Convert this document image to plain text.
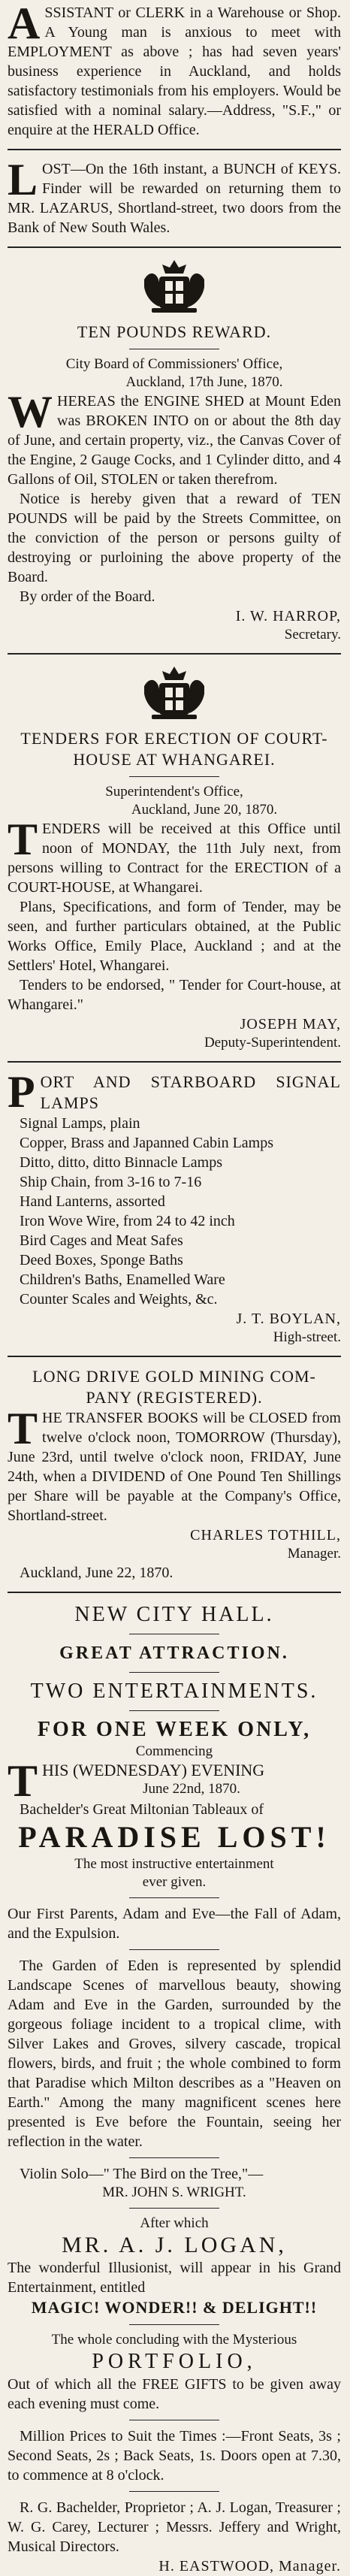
ASSISTANT or CLERK in a Warehouse or Shop. A Young man is anxious to meet with EMPLOYMENT as above ; has had seven years' business experience in Auckland, and holds satisfactory testimonials from his employers. Would be satisfied with a nominal salary.—Address, "S.F.," or enquire at the HERALD Office.

LOST—On the 16th instant, a BUNCH of KEYS. Finder will be rewarded on returning them to MR. LAZARUS, Shortland-street, two doors from the Bank of New South Wales.

TEN POUNDS REWARD.

City Board of Commissioners' Office,

Auckland, 17th June, 1870.

WHEREAS the ENGINE SHED at Mount Eden was BROKEN INTO on or about the 8th day of June, and certain property, viz., the Canvas Cover of the Engine, 2 Gauge Cocks, and 1 Cylinder ditto, and 4 Gallons of Oil, STOLEN or taken therefrom.

Notice is hereby given that a reward of TEN POUNDS will be paid by the Streets Committee, on the conviction of the person or persons guilty of destroying or purloining the above property of the Board.

By order of the Board.

I. W. HARROP,

Secretary.

TENDERS FOR ERECTION OF COURT-

HOUSE AT WHANGAREI.

Superintendent's Office,

Auckland, June 20, 1870.

TENDERS will be received at this Office until noon of MONDAY, the 11th July next, from persons willing to Contract for the ERECTION of a COURT-HOUSE, at Whangarei.

Plans, Specifications, and form of Tender, may be seen, and further particulars obtained, at the Public Works Office, Emily Place, Auckland ; and at the Settlers' Hotel, Whangarei.

Tenders to be endorsed, " Tender for Court-house, at Whangarei."

JOSEPH MAY,

Deputy-Superintendent.

PORT AND STARBOARD SIGNAL LAMPS

Signal Lamps, plain

Copper, Brass and Japanned Cabin Lamps

Ditto, ditto, ditto Binnacle Lamps

Ship Chain, from 3-16 to 7-16

Hand Lanterns, assorted

Iron Wove Wire, from 24 to 42 inch

Bird Cages and Meat Safes

Deed Boxes, Sponge Baths

Children's Baths, Enamelled Ware

Counter Scales and Weights, &c.

J. T. BOYLAN,

High-street.

LONG DRIVE GOLD MINING COM-

PANY (REGISTERED).

THE TRANSFER BOOKS will be CLOSED from twelve o'clock noon, TOMORROW (Thursday), June 23rd, until twelve o'clock noon, FRIDAY, June 24th, when a DIVIDEND of One Pound Ten Shillings per Share will be payable at the Company's Office, Shortland-street.

CHARLES TOTHILL,

Manager.

Auckland, June 22, 1870.

NEW CITY HALL.

GREAT ATTRACTION.

TWO ENTERTAINMENTS.

FOR ONE WEEK ONLY,

Commencing

THIS (WEDNESDAY) EVENING

June 22nd, 1870.

Bachelder's Great Miltonian Tableaux of

PARADISE LOST!

The most instructive entertainment

ever given.

Our First Parents, Adam and Eve—the Fall of Adam, and the Expulsion.

The Garden of Eden is represented by splendid Landscape Scenes of marvellous beauty, showing Adam and Eve in the Garden, surrounded by the gorgeous foliage incident to a tropical clime, with Silver Lakes and Groves, silvery cascade, tropical flowers, birds, and fruit ; the whole combined to form that Paradise which Milton describes as a "Heaven on Earth." Among the many magnificent scenes here presented is Eve before the Fountain, seeing her reflection in the water.

Violin Solo—" The Bird on the Tree,"—

MR. JOHN S. WRIGHT.

After which

MR. A. J. LOGAN,

The wonderful Illusionist, will appear in his Grand Entertainment, entitled

MAGIC! WONDER!! & DELIGHT!!

The whole concluding with the Mysterious

PORTFOLIO,

Out of which all the FREE GIFTS to be given away each evening must come.

Million Prices to Suit the Times :—Front Seats, 3s ; Second Seats, 2s ; Back Seats, 1s. Doors open at 7.30, to commence at 8 o'clock.

R. G. Bachelder, Proprietor ; A. J. Logan, Treasurer ; W. G. Carey, Lecturer ; Messrs. Jeffery and Wright, Musical Directors.

H. EASTWOOD, Manager.
